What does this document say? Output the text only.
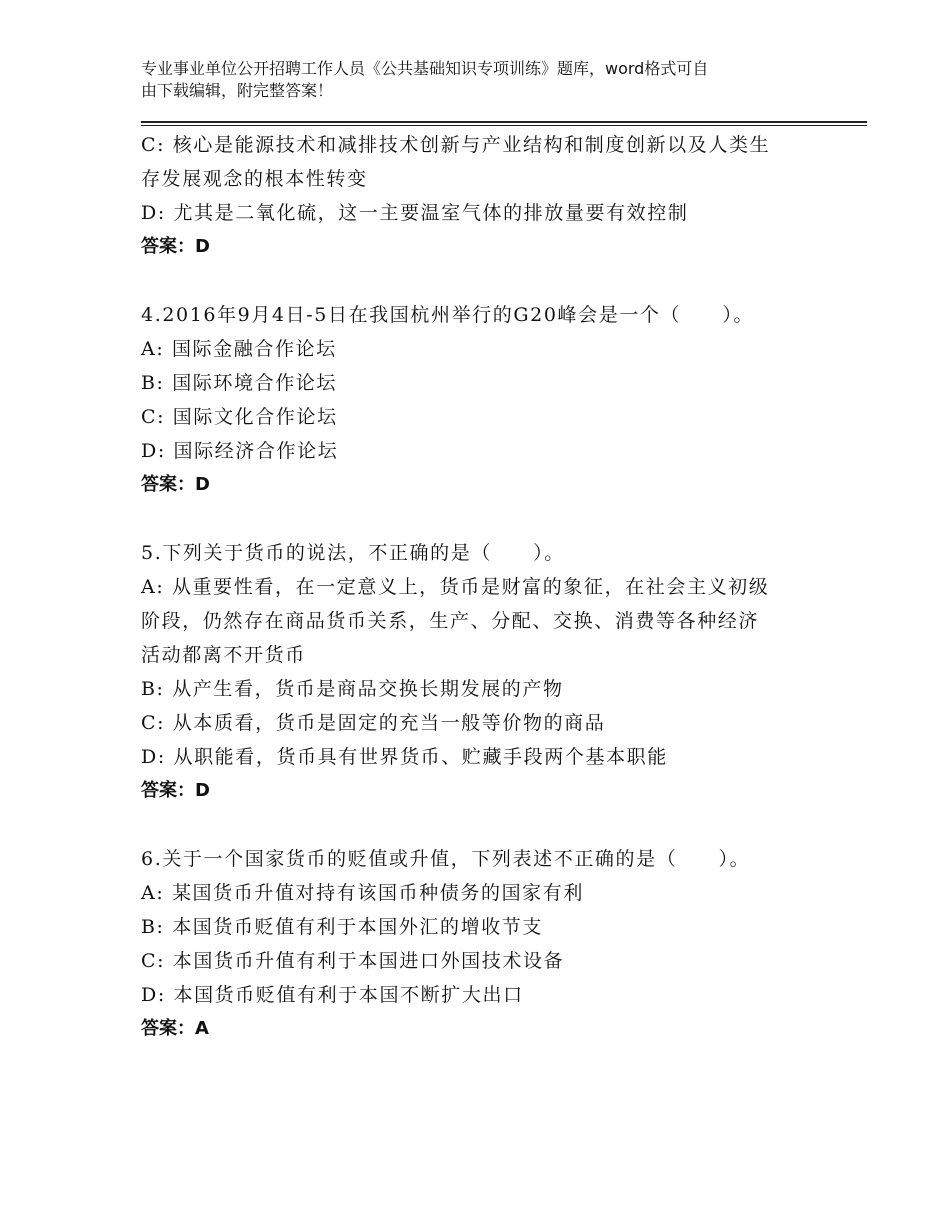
专业事业单位公开招聘工作人员《公共基础知识专项训练》题库，word格式可自
由下载编辑，附完整答案！
C: 核心是能源技术和减排技术创新与产业结构和制度创新以及人类生
存发展观念的根本性转变
D: 尤其是二氧化硫，这一主要温室气体的排放量要有效控制
答案：D
4.2016年9月4日-5日在我国杭州举行的G20峰会是一个（　　）。
A: 国际金融合作论坛
B: 国际环境合作论坛
C: 国际文化合作论坛
D: 国际经济合作论坛
答案：D
5.下列关于货币的说法，不正确的是（　　）。
A: 从重要性看，在一定意义上，货币是财富的象征，在社会主义初级
阶段，仍然存在商品货币关系，生产、分配、交换、消费等各种经济
活动都离不开货币
B: 从产生看，货币是商品交换长期发展的产物
C: 从本质看，货币是固定的充当一般等价物的商品
D: 从职能看，货币具有世界货币、贮藏手段两个基本职能
答案：D
6.关于一个国家货币的贬值或升值，下列表述不正确的是（　　）。
A: 某国货币升值对持有该国币种债务的国家有利
B: 本国货币贬值有利于本国外汇的增收节支
C: 本国货币升值有利于本国进口外国技术设备
D: 本国货币贬值有利于本国不断扩大出口
答案：A
